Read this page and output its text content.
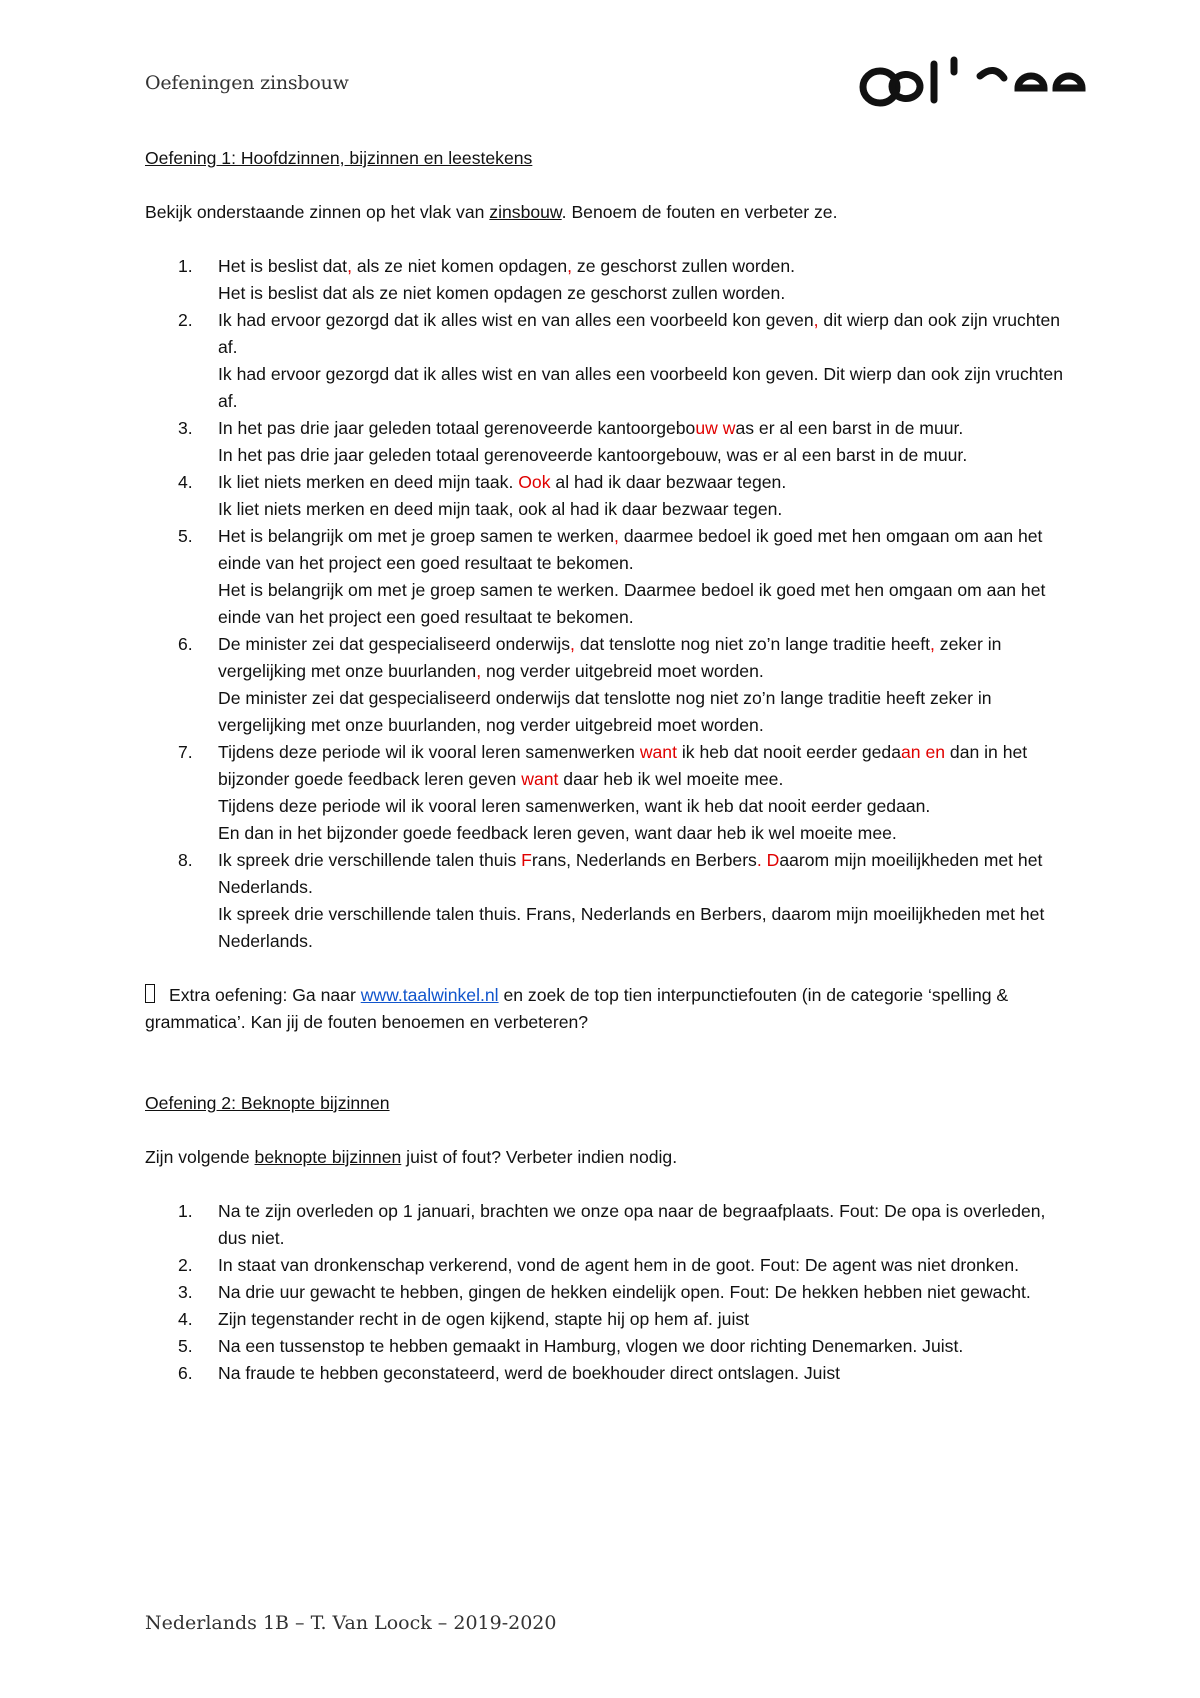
Oefeningen zinsbouw
Oefening 1: Hoofdzinnen, bijzinnen en leestekens

Bekijk onderstaande zinnen op het vlak van zinsbouw. Benoem de fouten en verbeter ze.

1. Het is beslist dat, als ze niet komen opdagen, ze geschorst zullen worden.
Het is beslist dat als ze niet komen opdagen ze geschorst zullen worden.
2. Ik had ervoor gezorgd dat ik alles wist en van alles een voorbeeld kon geven, dit wierp dan ook zijn vruchten af.
Ik had ervoor gezorgd dat ik alles wist en van alles een voorbeeld kon geven. Dit wierp dan ook zijn vruchten af.
3. In het pas drie jaar geleden totaal gerenoveerde kantoorgebouw was er al een barst in de muur.
In het pas drie jaar geleden totaal gerenoveerde kantoorgebouw, was er al een barst in de muur.
4. Ik liet niets merken en deed mijn taak. Ook al had ik daar bezwaar tegen.
Ik liet niets merken en deed mijn taak, ook al had ik daar bezwaar tegen.
5. Het is belangrijk om met je groep samen te werken, daarmee bedoel ik goed met hen omgaan om aan het einde van het project een goed resultaat te bekomen.
Het is belangrijk om met je groep samen te werken. Daarmee bedoel ik goed met hen omgaan om aan het einde van het project een goed resultaat te bekomen.
6. De minister zei dat gespecialiseerd onderwijs, dat tenslotte nog niet zo’n lange traditie heeft, zeker in vergelijking met onze buurlanden, nog verder uitgebreid moet worden.
De minister zei dat gespecialiseerd onderwijs dat tenslotte nog niet zo’n lange traditie heeft zeker in vergelijking met onze buurlanden, nog verder uitgebreid moet worden.
7. Tijdens deze periode wil ik vooral leren samenwerken want ik heb dat nooit eerder gedaan en dan in het bijzonder goede feedback leren geven want daar heb ik wel moeite mee.
Tijdens deze periode wil ik vooral leren samenwerken, want ik heb dat nooit eerder gedaan.
En dan in het bijzonder goede feedback leren geven, want daar heb ik wel moeite mee.
8. Ik spreek drie verschillende talen thuis Frans, Nederlands en Berbers. Daarom mijn moeilijkheden met het Nederlands.
Ik spreek drie verschillende talen thuis. Frans, Nederlands en Berbers, daarom mijn moeilijkheden met het Nederlands.

Extra oefening: Ga naar www.taalwinkel.nl en zoek de top tien interpunctiefouten (in de categorie ‘spelling & grammatica’. Kan jij de fouten benoemen en verbeteren?

Oefening 2: Beknopte bijzinnen

Zijn volgende beknopte bijzinnen juist of fout? Verbeter indien nodig.

1. Na te zijn overleden op 1 januari, brachten we onze opa naar de begraafplaats. Fout: De opa is overleden, dus niet.
2. In staat van dronkenschap verkerend, vond de agent hem in de goot. Fout: De agent was niet dronken.
3. Na drie uur gewacht te hebben, gingen de hekken eindelijk open. Fout: De hekken hebben niet gewacht.
4. Zijn tegenstander recht in de ogen kijkend, stapte hij op hem af. juist
5. Na een tussenstop te hebben gemaakt in Hamburg, vlogen we door richting Denemarken. Juist.
6. Na fraude te hebben geconstateerd, werd de boekhouder direct ontslagen. Juist
Nederlands 1B – T. Van Loock – 2019-2020
